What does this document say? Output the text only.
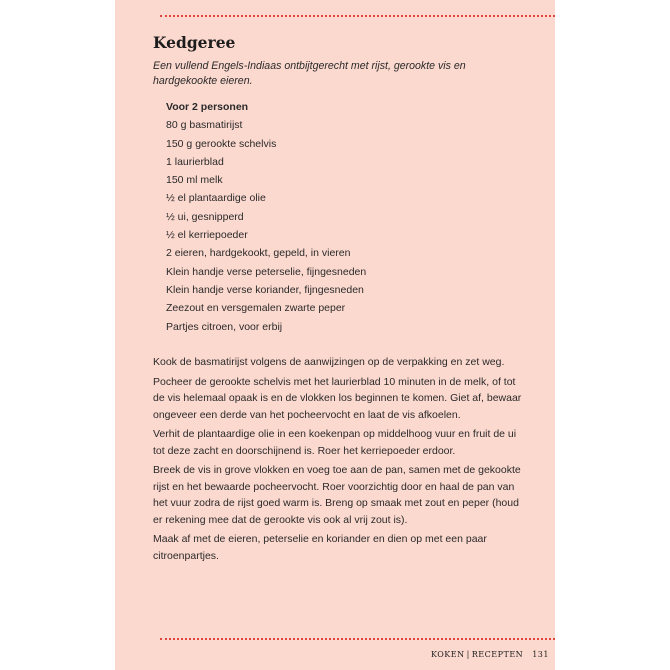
Kedgeree
Een vullend Engels-Indiaas ontbijtgerecht met rijst, gerookte vis en hardgekookte eieren.
Voor 2 personen
80 g basmatirijst
150 g gerookte schelvis
1 laurierblad
150 ml melk
½ el plantaardige olie
½ ui, gesnipperd
½ el kerriepoeder
2 eieren, hardgekookt, gepeld, in vieren
Klein handje verse peterselie, fijngesneden
Klein handje verse koriander, fijngesneden
Zeezout en versgemalen zwarte peper
Partjes citroen, voor erbij

Kook de basmatirijst volgens de aanwijzingen op de verpakking en zet weg.

Pocheer de gerookte schelvis met het laurierblad 10 minuten in de melk, of tot de vis helemaal opaak is en de vlokken los beginnen te komen. Giet af, bewaar ongeveer een derde van het pocheervocht en laat de vis afkoelen.

Verhit de plantaardige olie in een koekenpan op middelhoog vuur en fruit de ui tot deze zacht en doorschijnend is. Roer het kerriepoeder erdoor.

Breek de vis in grove vlokken en voeg toe aan de pan, samen met de gekookte rijst en het bewaarde pocheervocht. Roer voorzichtig door en haal de pan van het vuur zodra de rijst goed warm is. Breng op smaak met zout en peper (houd er rekening mee dat de gerookte vis ook al vrij zout is).

Maak af met de eieren, peterselie en koriander en dien op met een paar citroenpartjes.

KOKEN | RECEPTEN 131
